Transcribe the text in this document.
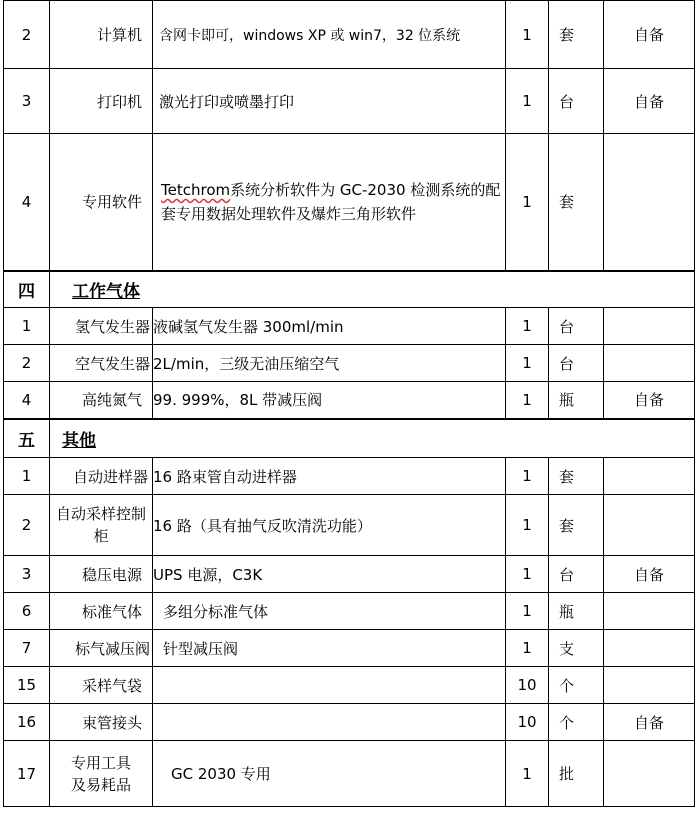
2	计算机	含网卡即可，windows XP 或 win7，32 位系统	1	套	自备
3	打印机	激光打印或喷墨打印	1	台	自备
4	专用软件	Tetchrom系统分析软件为 GC-2030 检测系统的配套专用数据处理软件及爆炸三角形软件	1	套	
四	工作气体				
1	氢气发生器	液碱氢气发生器 300ml/min	1	台	
2	空气发生器	2L/min，三级无油压缩空气	1	台	
4	高纯氮气	99. 999%，8L 带减压阀	1	瓶	自备
五	其他				
1	自动进样器	16 路束管自动进样器	1	套	
2	自动采样控制柜	16 路（具有抽气反吹清洗功能）	1	套	
3	稳压电源	UPS 电源，C3K	1	台	自备
6	标准气体	多组分标准气体	1	瓶	
7	标气减压阀	针型减压阀	1	支	
15	采样气袋		10	个	
16	束管接头		10	个	自备
17	专用工具及易耗品	GC 2030 专用	1	批	
